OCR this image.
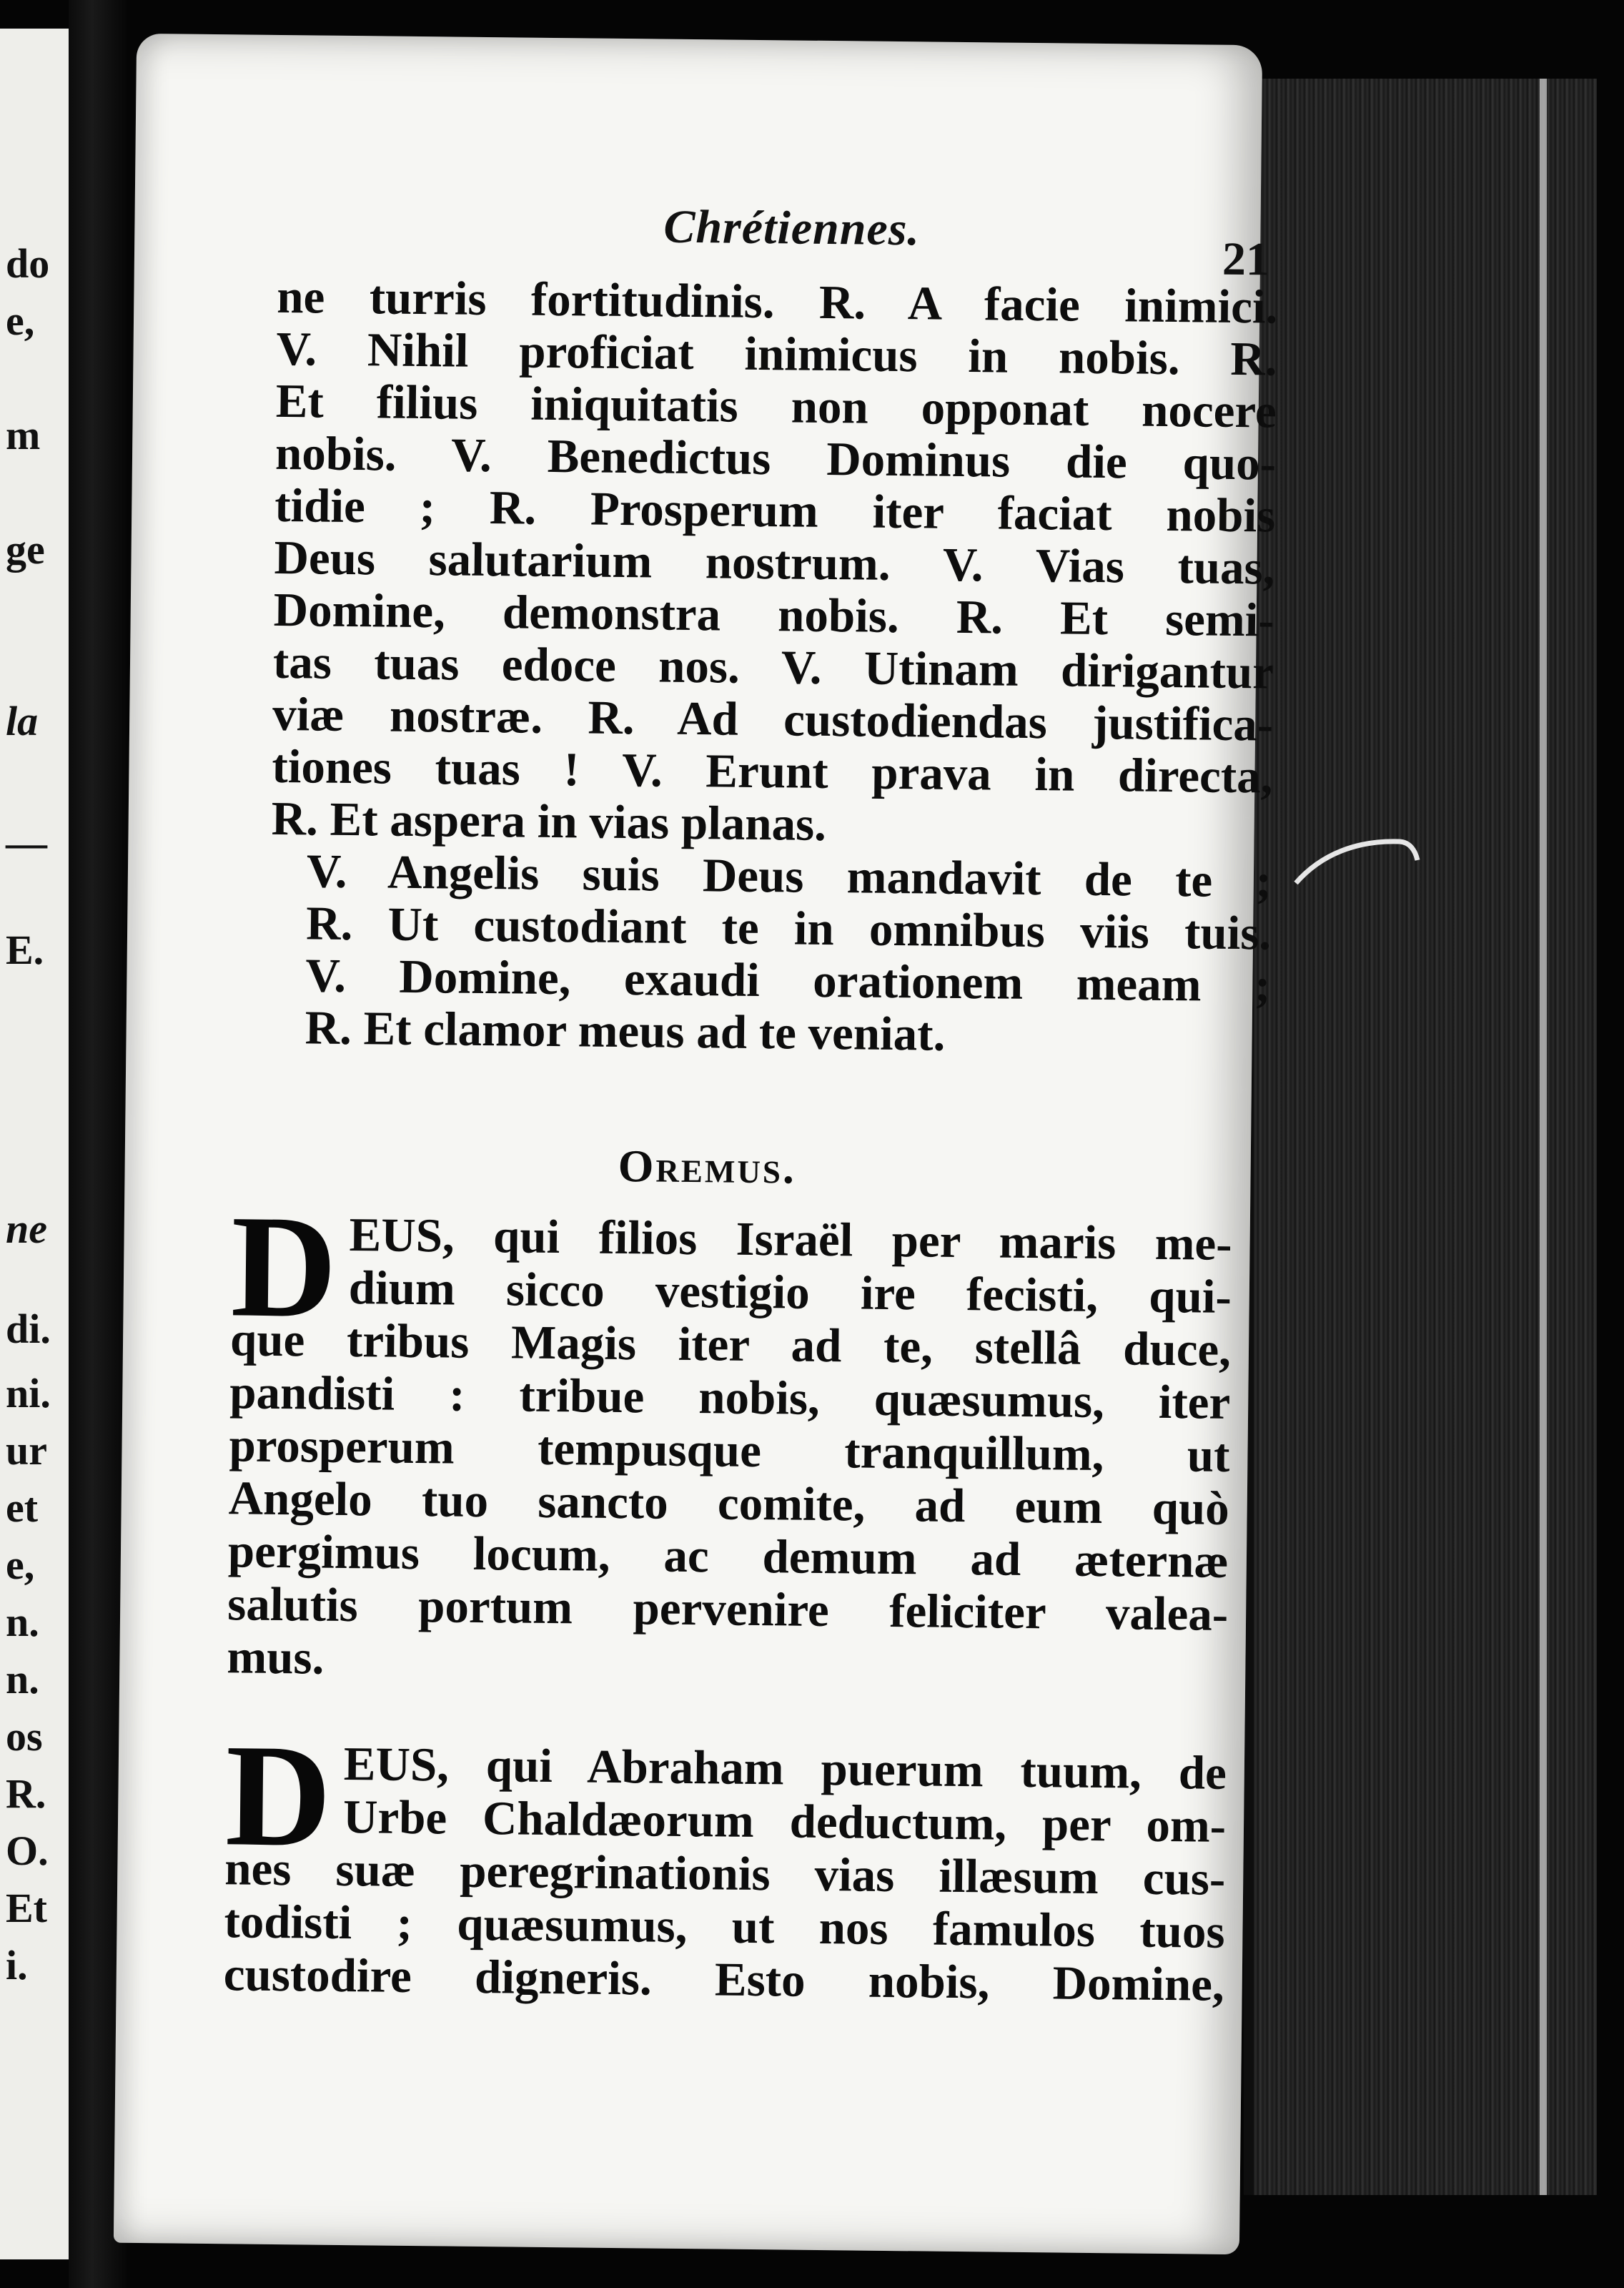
do
e,
m
ge
la
—
E.
ne
di.
ni.
ur
et
e,
n.
n.
os
R.
O.
Et
i.
Chrétiennes.
21
ne turris fortitudinis. R. A facie inimici.
V. Nihil proficiat inimicus in nobis. R.
Et filius iniquitatis non opponat nocere
nobis. V. Benedictus Dominus die quo-
tidie ; R. Prosperum iter faciat nobis
Deus salutarium nostrum. V. Vias tuas,
Domine, demonstra nobis. R. Et semi-
tas tuas edoce nos. V. Utinam dirigantur
viæ nostræ. R. Ad custodiendas justifica-
tiones tuas ! V. Erunt prava in directa,
R. Et aspera in vias planas.
V. Angelis suis Deus mandavit de te ;
R. Ut custodiant te in omnibus viis tuis.
V. Domine, exaudi orationem meam ;
R. Et clamor meus ad te veniat.
Oremus.
D EUS, qui filios Israël per maris me-
dium sicco vestigio ire fecisti, qui-
que tribus Magis iter ad te, stellâ duce,
pandisti : tribue nobis, quæsumus, iter
prosperum tempusque tranquillum, ut
Angelo tuo sancto comite, ad eum quò
pergimus locum, ac demum ad æternæ
salutis portum pervenire feliciter valea-
mus.
D EUS, qui Abraham puerum tuum, de
Urbe Chaldæorum deductum, per om-
nes suæ peregrinationis vias illæsum cus-
todisti ; quæsumus, ut nos famulos tuos
custodire digneris. Esto nobis, Domine,
